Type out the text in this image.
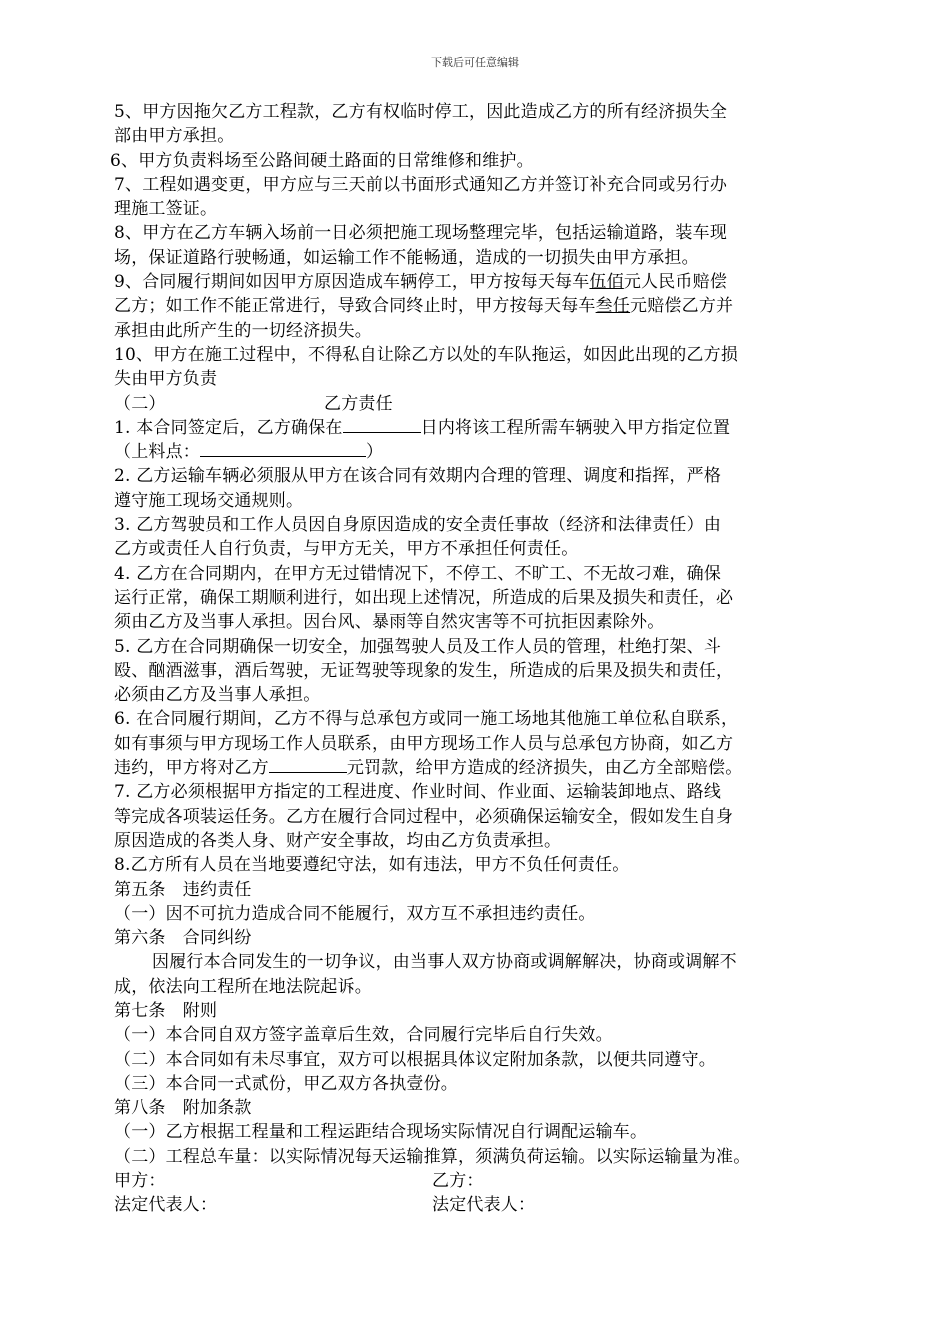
下载后可任意编辑
5、甲方因拖欠乙方工程款，乙方有权临时停工，因此造成乙方的所有经济损失全
部由甲方承担。
6、甲方负责料场至公路间硬土路面的日常维修和维护。
7、工程如遇变更，甲方应与三天前以书面形式通知乙方并签订补充合同或另行办
理施工签证。
8、甲方在乙方车辆入场前一日必须把施工现场整理完毕，包括运输道路，装车现
场，保证道路行驶畅通，如运输工作不能畅通，造成的一切损失由甲方承担。
9、合同履行期间如因甲方原因造成车辆停工，甲方按每天每车伍佰元人民币赔偿
乙方；如工作不能正常进行，导致合同终止时，甲方按每天每车叁任元赔偿乙方并
承担由此所产生的一切经济损失。
10、甲方在施工过程中，不得私自让除乙方以处的车队拖运，如因此出现的乙方损
失由甲方负责
（二）	乙方责任
1. 本合同签定后，乙方确保在	日内将该工程所需车辆驶入甲方指定位置
（上料点：	）
2. 乙方运输车辆必须服从甲方在该合同有效期内合理的管理、调度和指挥，严格
遵守施工现场交通规则。
3. 乙方驾驶员和工作人员因自身原因造成的安全责任事故（经济和法律责任）由
乙方或责任人自行负责，与甲方无关，甲方不承担任何责任。
4. 乙方在合同期内，在甲方无过错情况下，不停工、不旷工、不无故刁难，确保
运行正常，确保工期顺利进行，如出现上述情况，所造成的后果及损失和责任，必
须由乙方及当事人承担。因台风、暴雨等自然灾害等不可抗拒因素除外。
5. 乙方在合同期确保一切安全，加强驾驶人员及工作人员的管理，杜绝打架、斗
殴、酗酒滋事，酒后驾驶，无证驾驶等现象的发生，所造成的后果及损失和责任，
必须由乙方及当事人承担。
6. 在合同履行期间，乙方不得与总承包方或同一施工场地其他施工单位私自联系，
如有事须与甲方现场工作人员联系，由甲方现场工作人员与总承包方协商，如乙方
违约，甲方将对乙方	元罚款，给甲方造成的经济损失，由乙方全部赔偿。
7. 乙方必须根据甲方指定的工程进度、作业时间、作业面、运输装卸地点、路线
等完成各项装运任务。乙方在履行合同过程中，必须确保运输安全，假如发生自身
原因造成的各类人身、财产安全事故，均由乙方负责承担。
8.乙方所有人员在当地要遵纪守法，如有违法，甲方不负任何责任。
第五条　违约责任
（一）因不可抗力造成合同不能履行，双方互不承担违约责任。
第六条　合同纠纷
因履行本合同发生的一切争议，由当事人双方协商或调解解决，协商或调解不
成，依法向工程所在地法院起诉。
第七条　附则
（一）本合同自双方签字盖章后生效，合同履行完毕后自行失效。
（二）本合同如有未尽事宜，双方可以根据具体议定附加条款，以便共同遵守。
（三）本合同一式贰份，甲乙双方各执壹份。
第八条　附加条款
（一）乙方根据工程量和工程运距结合现场实际情况自行调配运输车。
（二）工程总车量：以实际情况每天运输推算，须满负荷运输。以实际运输量为准。
甲方：	乙方：
法定代表人：	法定代表人：
